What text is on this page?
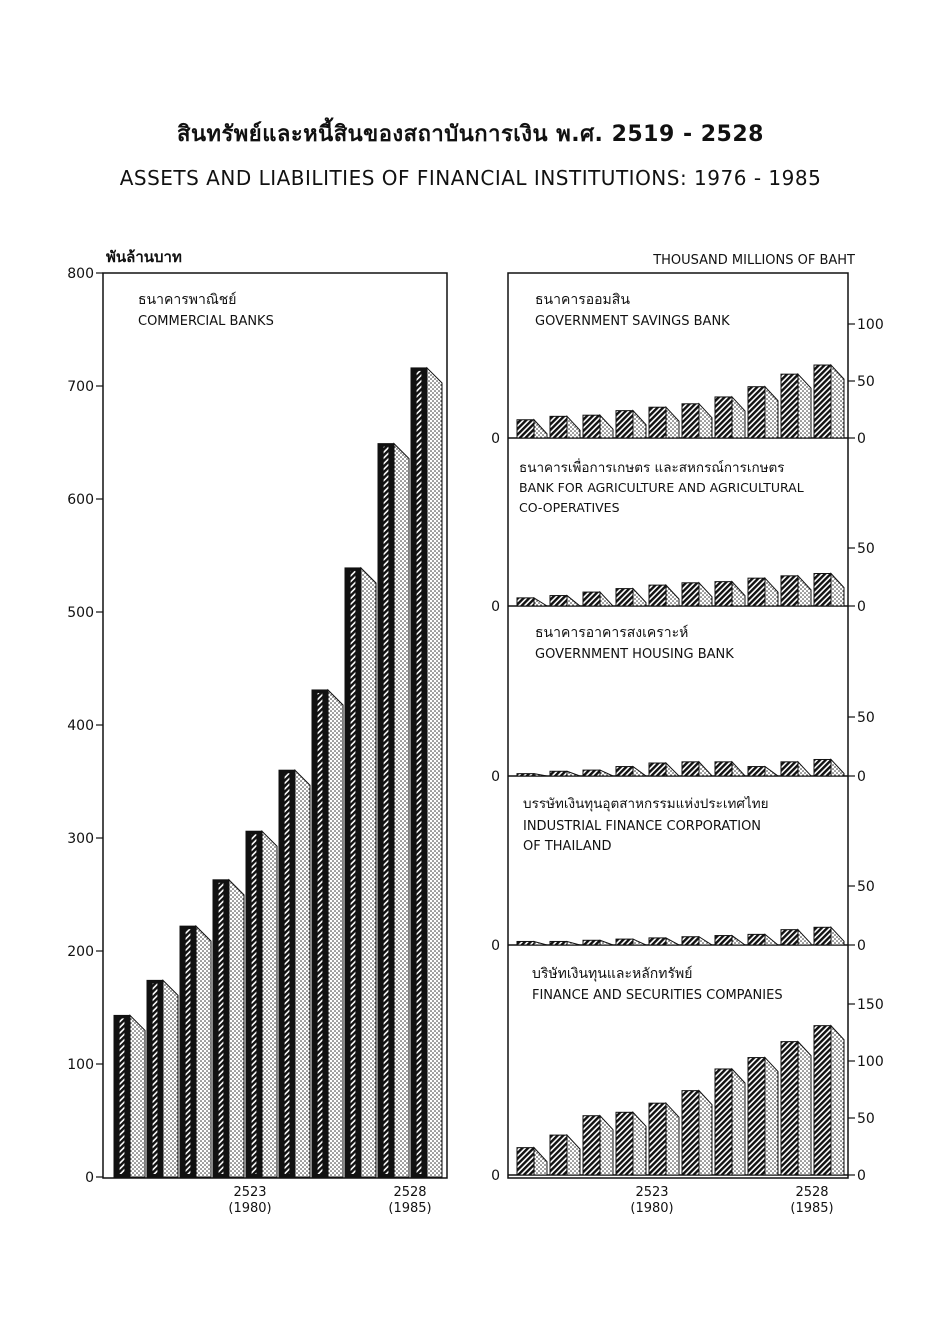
สินทรัพย์และหนี้สินของสถาบันการเงิน พ.ศ. 2519 - 2528
ASSETS AND LIABILITIES OF FINANCIAL INSTITUTIONS: 1976 - 1985
พันล้านบาท	THOUSAND MILLIONS OF BAHT
ธนาคารพาณิชย์
COMMERCIAL BANKS
0
100
200
300
400
500
600
700
800
2523
(1980)
2528
(1985)
ธนาคารออมสิน
GOVERNMENT SAVINGS BANK
ธนาคารเพื่อการเกษตร และสหกรณ์การเกษตร
BANK FOR AGRICULTURE AND AGRICULTURAL
CO-OPERATIVES
ธนาคารอาคารสงเคราะห์
GOVERNMENT HOUSING BANK
บรรษัทเงินทุนอุตสาหกรรมแห่งประเทศไทย
INDUSTRIAL FINANCE CORPORATION
OF THAILAND
บริษัทเงินทุนและหลักทรัพย์
FINANCE AND SECURITIES COMPANIES
0
50
100
0
0
50
0
0
50
0
0
50
0
0
50
100
150
0
2523
(1980)
2528
(1985)
